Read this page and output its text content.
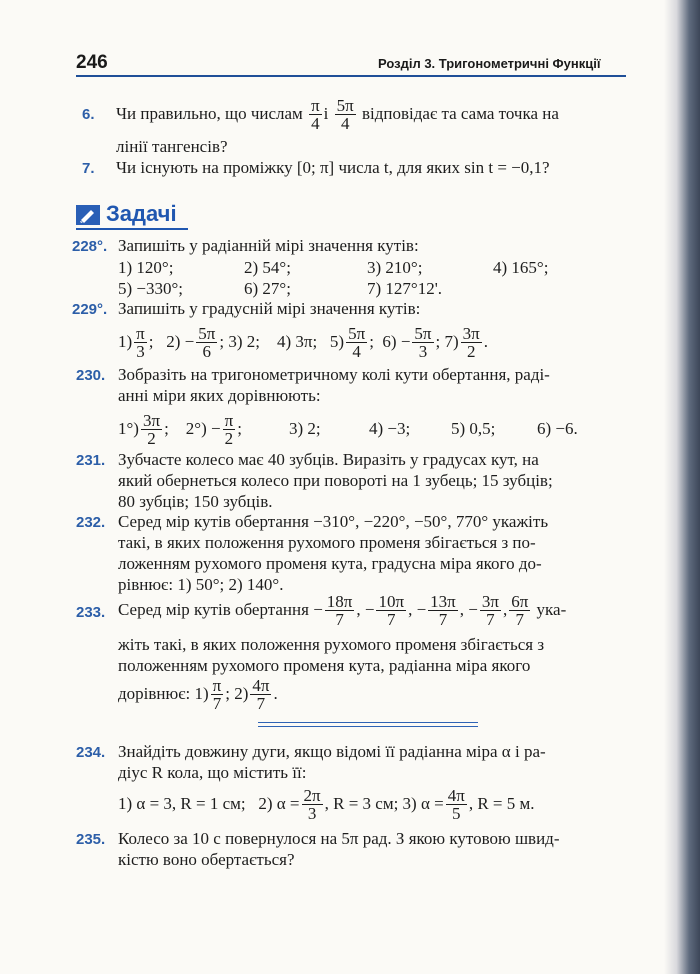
246	Розділ 3. Тригонометричні Функції
6. Чи правильно, що числам
$\frac{\pi}{4}$ і
$\frac{5\pi}{4}$
відповідає та сама точка на
лінії тангенсів?
7. Чи існують на проміжку [0; π] числа t, для яких sin t = −0,1?
Задачі
228°. Запишіть у радіанній мірі значення кутів:
1) 120°;	2) 54°;	3) 210°;	4) 165°;
5) −330°;	6) 27°;	7) 127°12'.
229°. Запишіть у градусній мірі значення кутів:
$1) \frac{\pi}{3}$ ;
$2) - \frac{5\pi}{6}$ ; 3) 2;
4) 3π;
$5) \frac{5\pi}{4}$ ;
$6) - \frac{5\pi}{3}$ ; $7) \frac{3\pi}{2}$ .
230. Зобразіть на тригонометричному колі кути обертання, раді-
анні міри яких дорівнюють:
$1^\circ) \frac{3\pi}{2}$ ;
$2^\circ) - \frac{\pi}{2}$ ;	3) 2;	4) −3; 5) 0,5; 6) −6.
231. Зубчасте колесо має 40 зубців. Виразіть у градусах кут, на
який обернеться колесо при повороті на 1 зубець; 15 зубців;
80 зубців; 150 зубців.
232. Серед мір кутів обертання −310°, −220°, −50°, 770° укажіть
такі, в яких положення рухомого променя збігається з по-
ложенням рухомого променя кута, градусна міра якого до-
рівнює: 1) 50°; 2) 140°.
233. Серед мір кутів обертання
− $\frac{18\pi}{7}$ , − $\frac{10\pi}{7}$ , − $\frac{13\pi}{7}$ , − $\frac{3\pi}{7}$ , $\frac{6\pi}{7}$
ука-
жіть такі, в яких положення рухомого променя збігається з
положенням рухомого променя кута, радіанна міра якого
дорівнює: $1) \frac{\pi}{7}$ ; $2) \frac{4\pi}{7}$ .
234. Знайдіть довжину дуги, якщо відомі її радіанна міра α і ра-
діус R кола, що містить її:
1) α = 3, R = 1 см;
2) $\alpha = \frac{2\pi}{3}$ , R = 3 см; 3) $\alpha = \frac{4\pi}{5}$ , R = 5 м.
235. Колесо за 10 с повернулося на 5π рад. З якою кутовою швид-
кістю воно обертається?
